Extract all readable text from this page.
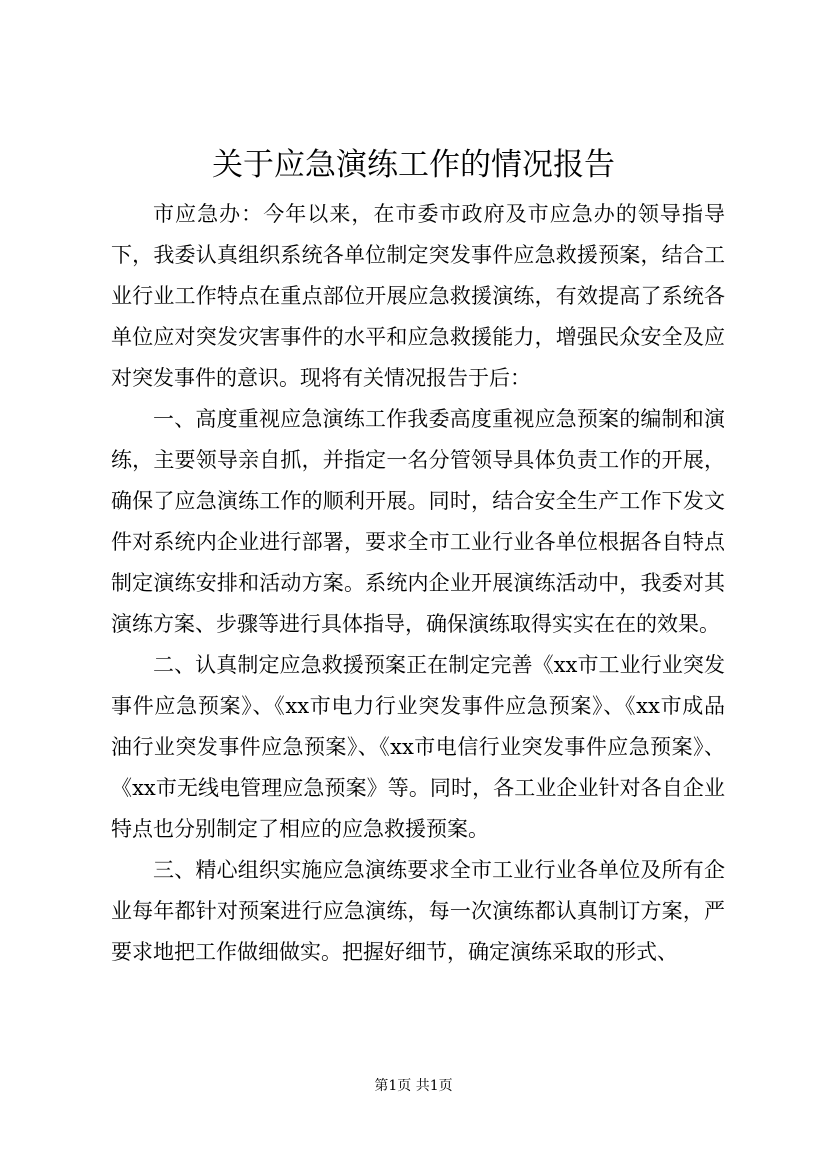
关于应急演练工作的情况报告

市应急办：今年以来，在市委市政府及市应急办的领导指导下，我委认真组织系统各单位制定突发事件应急救援预案，结合工业行业工作特点在重点部位开展应急救援演练，有效提高了系统各单位应对突发灾害事件的水平和应急救援能力，增强民众安全及应对突发事件的意识。现将有关情况报告于后：

一、高度重视应急演练工作我委高度重视应急预案的编制和演练，主要领导亲自抓，并指定一名分管领导具体负责工作的开展，确保了应急演练工作的顺利开展。同时，结合安全生产工作下发文件对系统内企业进行部署，要求全市工业行业各单位根据各自特点制定演练安排和活动方案。系统内企业开展演练活动中，我委对其演练方案、步骤等进行具体指导，确保演练取得实实在在的效果。

二、认真制定应急救援预案正在制定完善《xx市工业行业突发事件应急预案》、《xx市电力行业突发事件应急预案》、《xx市成品油行业突发事件应急预案》、《xx市电信行业突发事件应急预案》、《xx市无线电管理应急预案》等。同时，各工业企业针对各自企业特点也分别制定了相应的应急救援预案。

三、精心组织实施应急演练要求全市工业行业各单位及所有企业每年都针对预案进行应急演练，每一次演练都认真制订方案，严要求地把工作做细做实。把握好细节，确定演练采取的形式、

第1页 共1页
